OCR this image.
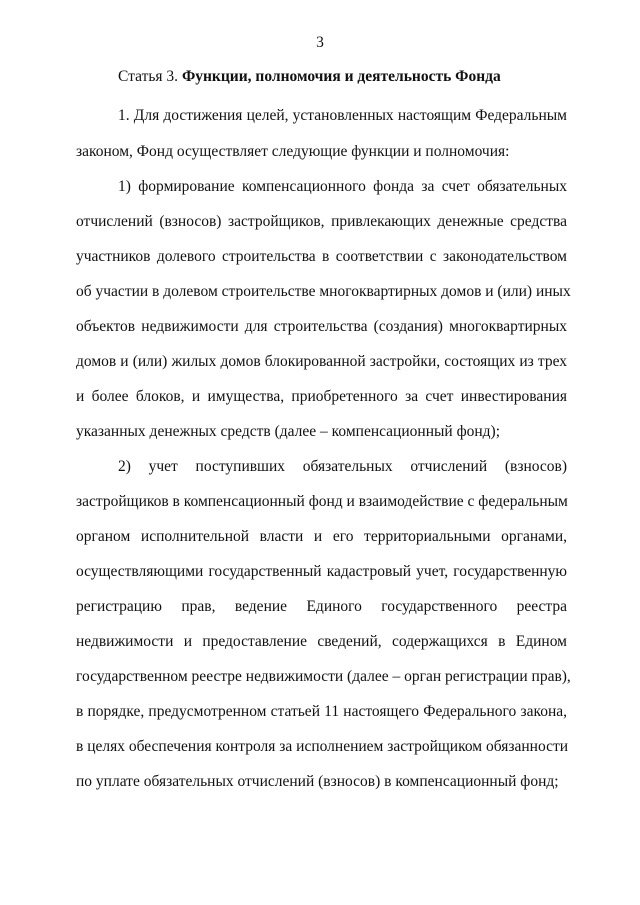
3
Статья 3. Функции, полномочия и деятельность Фонда
1. Для достижения целей, установленных настоящим Федеральным
законом, Фонд осуществляет следующие функции и полномочия:
1) формирование компенсационного фонда за счет обязательных
отчислений (взносов) застройщиков, привлекающих денежные средства
участников долевого строительства в соответствии с законодательством
об участии в долевом строительстве многоквартирных домов и (или) иных
объектов недвижимости для строительства (создания) многоквартирных
домов и (или) жилых домов блокированной застройки, состоящих из трех
и более блоков, и имущества, приобретенного за счет инвестирования
указанных денежных средств (далее – компенсационный фонд);
2) учет поступивших обязательных отчислений (взносов)
застройщиков в компенсационный фонд и взаимодействие с федеральным
органом исполнительной власти и его территориальными органами,
осуществляющими государственный кадастровый учет, государственную
регистрацию прав, ведение Единого государственного реестра
недвижимости и предоставление сведений, содержащихся в Едином
государственном реестре недвижимости (далее – орган регистрации прав),
в порядке, предусмотренном статьей 11 настоящего Федерального закона,
в целях обеспечения контроля за исполнением застройщиком обязанности
по уплате обязательных отчислений (взносов) в компенсационный фонд;
